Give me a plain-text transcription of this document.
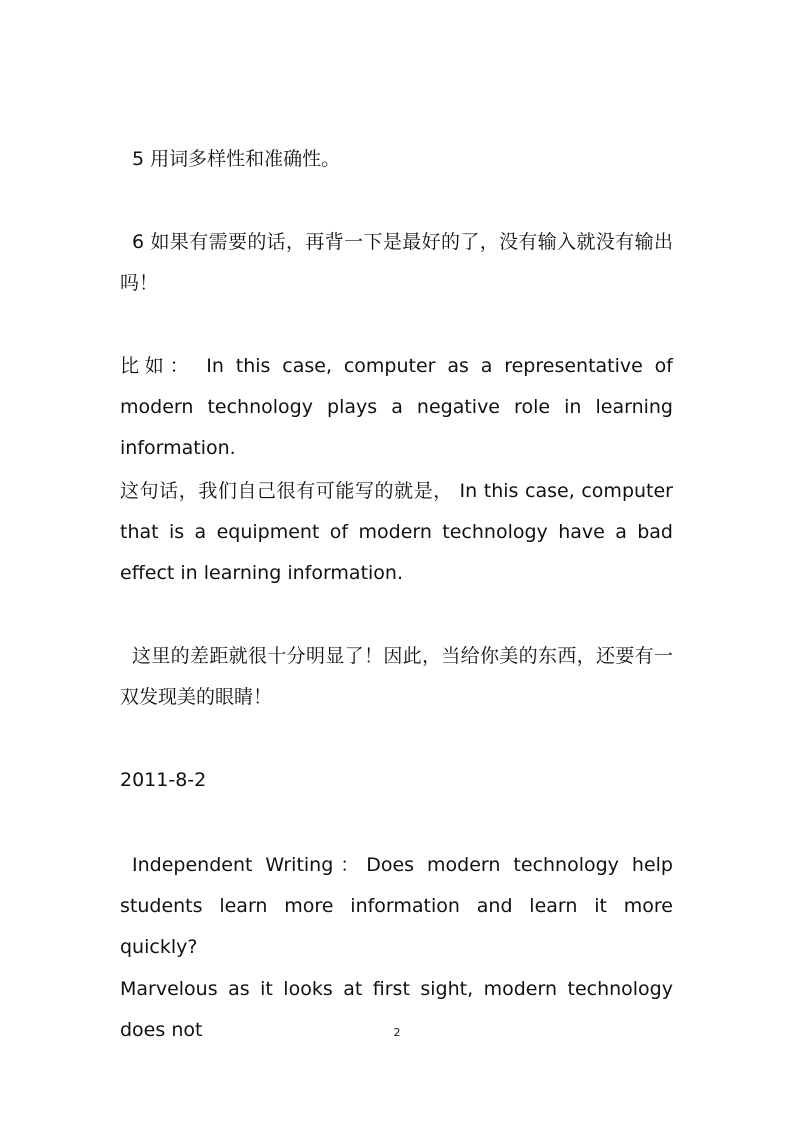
5 用词多样性和准确性。

6 如果有需要的话，再背一下是最好的了，没有输入就没有输出吗！

比如： In this case, computer as a representative of modern technology plays a negative role in learning information.

这句话，我们自己很有可能写的就是， In this case, computer that is a equipment of modern technology have a bad effect in learning information.

这里的差距就很十分明显了！因此，当给你美的东西，还要有一双发现美的眼睛！

2011-8-2

Independent Writing：Does modern technology help students learn more information and learn it more quickly?

Marvelous as it looks at first sight, modern technology does not	2
